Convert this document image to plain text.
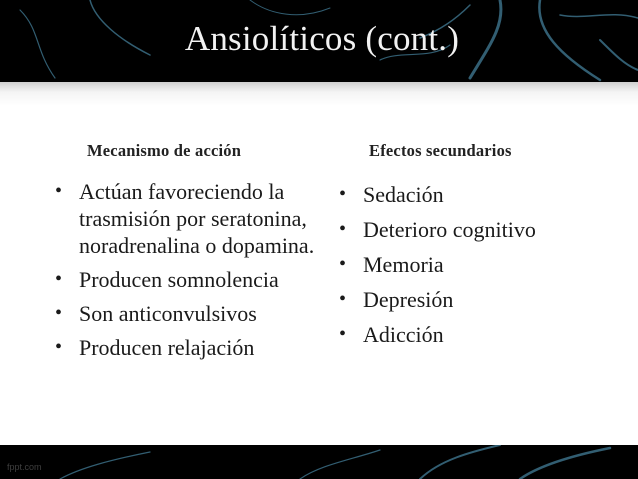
Ansiolíticos (cont.)
Mecanismo de acción	Efectos secundarios
• Actúan favoreciendo la trasmisión por seratonina, noradrenalina o dopamina.
• Producen somnolencia
• Son anticonvulsivos
• Producen relajación
• Sedación
• Deterioro cognitivo
• Memoria
• Depresión
• Adicción
fppt.com
